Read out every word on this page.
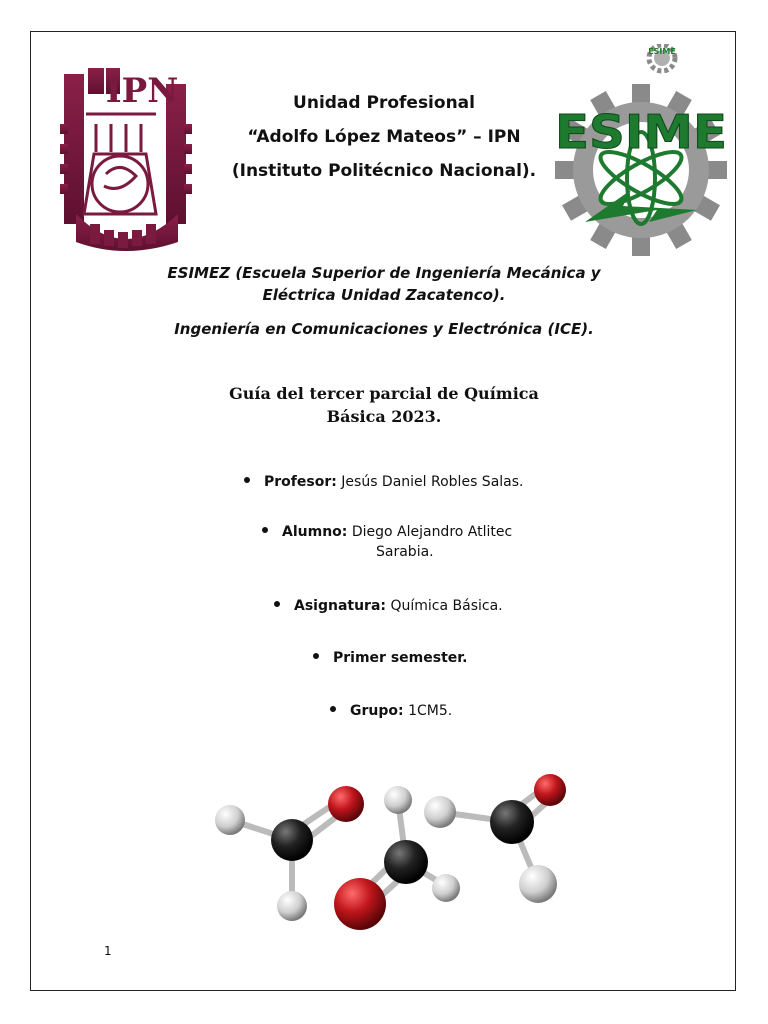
IPN
ESIME
ESIME
Unidad Profesional
“Adolfo López Mateos” – IPN
(Instituto Politécnico Nacional).
ESIMEZ (Escuela Superior de Ingeniería Mecánica y
Eléctrica Unidad Zacatenco).
Ingeniería en Comunicaciones y Electrónica (ICE).
Guía del tercer parcial de Química
Básica 2023.
Profesor: Jesús Daniel Robles Salas.
Alumno: Diego Alejandro Atlitec
Sarabia.
Asignatura: Química Básica.
Primer semester.
Grupo: 1CM5.
1
